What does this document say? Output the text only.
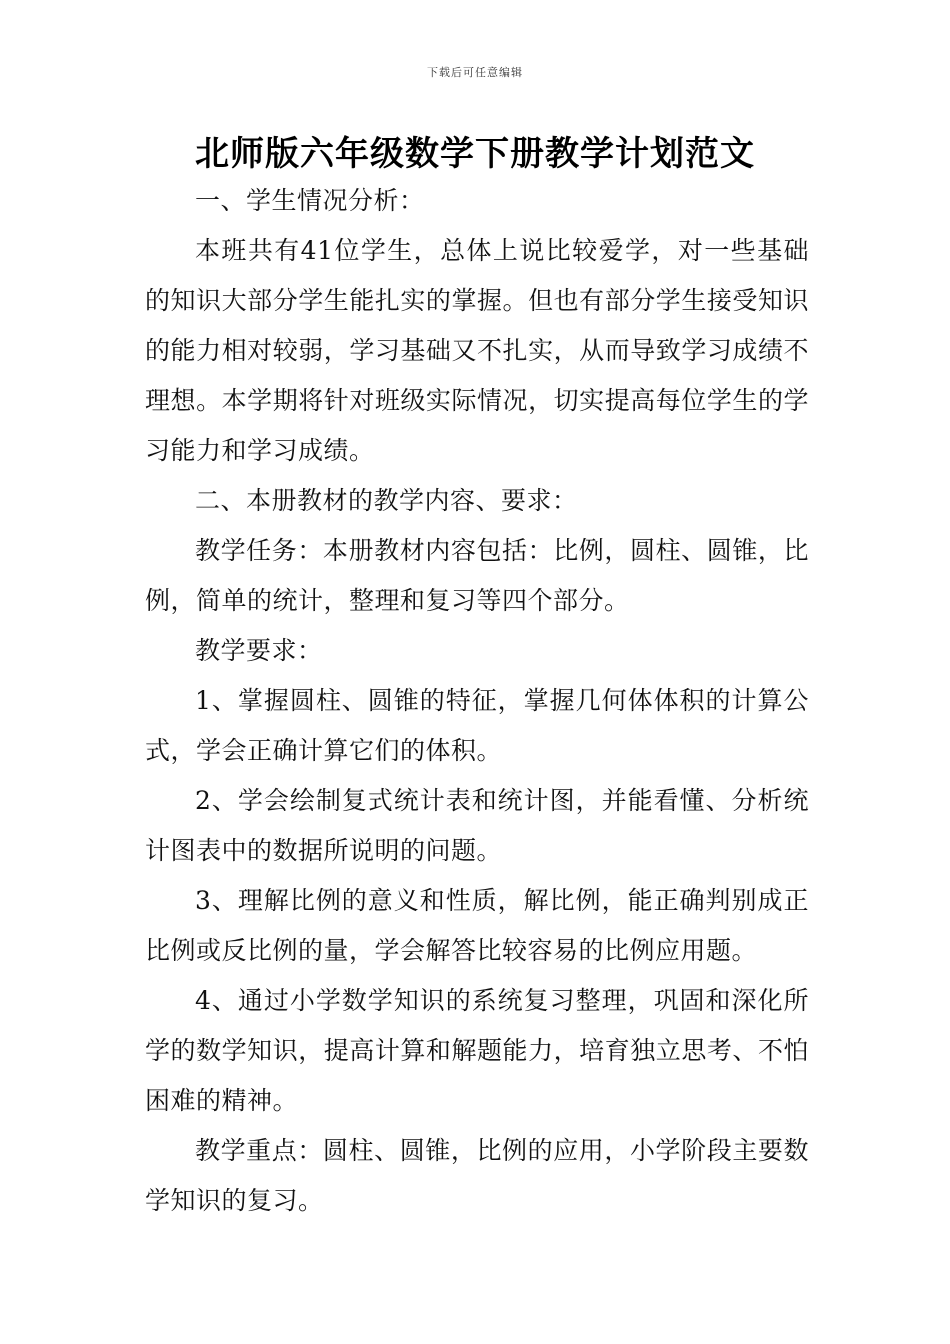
下载后可任意编辑
北师版六年级数学下册教学计划范文

一、学生情况分析：

本班共有41位学生，总体上说比较爱学，对一些基础的知识大部分学生能扎实的掌握。但也有部分学生接受知识的能力相对较弱，学习基础又不扎实，从而导致学习成绩不理想。本学期将针对班级实际情况，切实提高每位学生的学习能力和学习成绩。

二、本册教材的教学内容、要求：

教学任务：本册教材内容包括：比例，圆柱、圆锥，比例，简单的统计，整理和复习等四个部分。

教学要求：

1、掌握圆柱、圆锥的特征，掌握几何体体积的计算公式，学会正确计算它们的体积。

2、学会绘制复式统计表和统计图，并能看懂、分析统计图表中的数据所说明的问题。

3、理解比例的意义和性质，解比例，能正确判别成正比例或反比例的量，学会解答比较容易的比例应用题。

4、通过小学数学知识的系统复习整理，巩固和深化所学的数学知识，提高计算和解题能力，培育独立思考、不怕困难的精神。

教学重点：圆柱、圆锥，比例的应用，小学阶段主要数学知识的复习。
